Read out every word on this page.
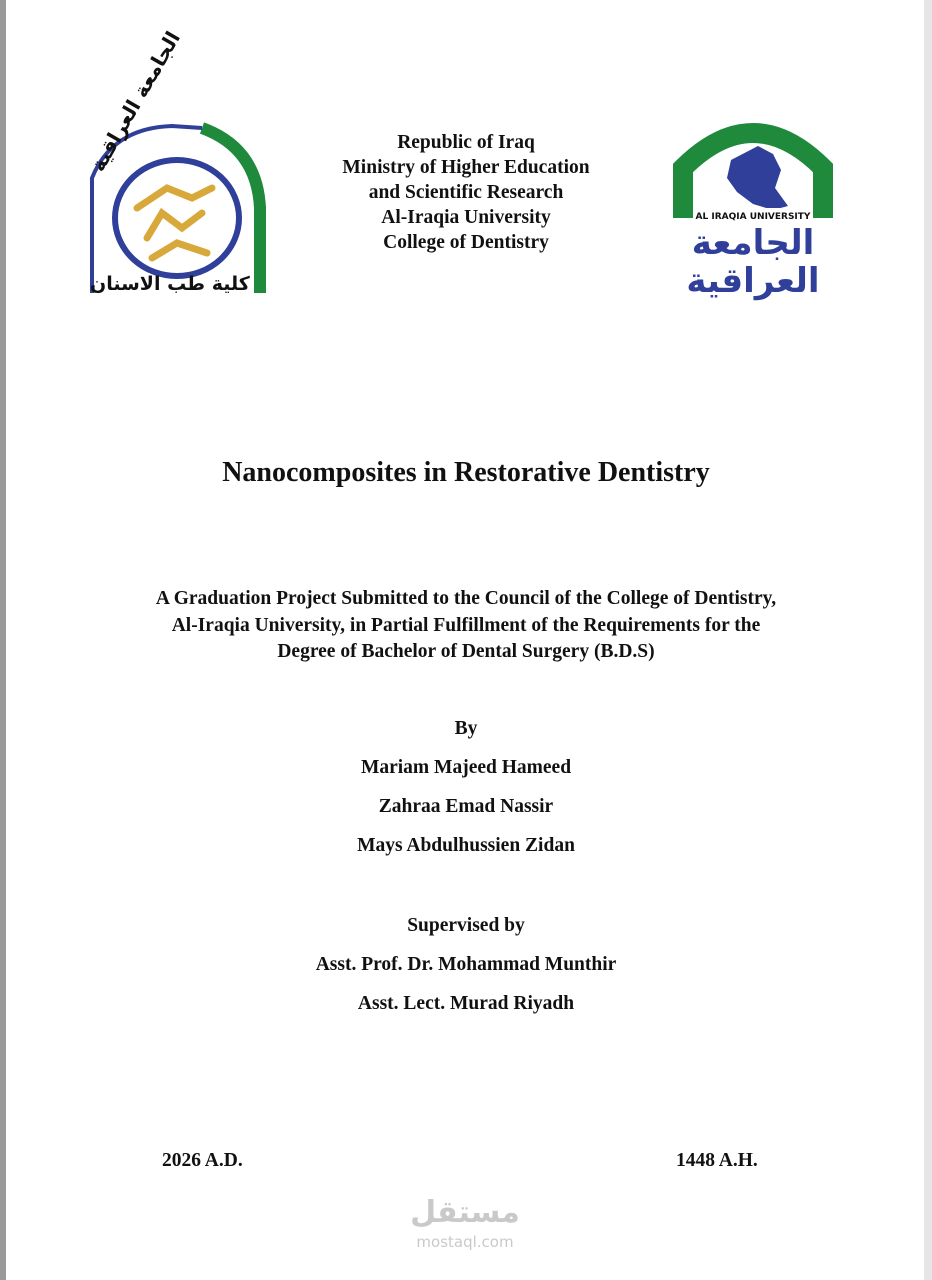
الجامعة العراقية
كلية طب الاسنان
AL IRAQIA UNIVERSITY
الجامعة
العراقية
Republic of Iraq
Ministry of Higher Education
and Scientific Research
Al-Iraqia University
College of Dentistry
Nanocomposites in Restorative Dentistry
A Graduation Project Submitted to the Council of the College of Dentistry,
Al-Iraqia University, in Partial Fulfillment of the Requirements for the
Degree of Bachelor of Dental Surgery (B.D.S)
By
Mariam Majeed Hameed
Zahraa Emad Nassir
Mays Abdulhussien Zidan
Supervised by
Asst. Prof. Dr. Mohammad Munthir
Asst. Lect. Murad Riyadh
2026 A.D.	1448 A.H.
مستقل
mostaql.com
